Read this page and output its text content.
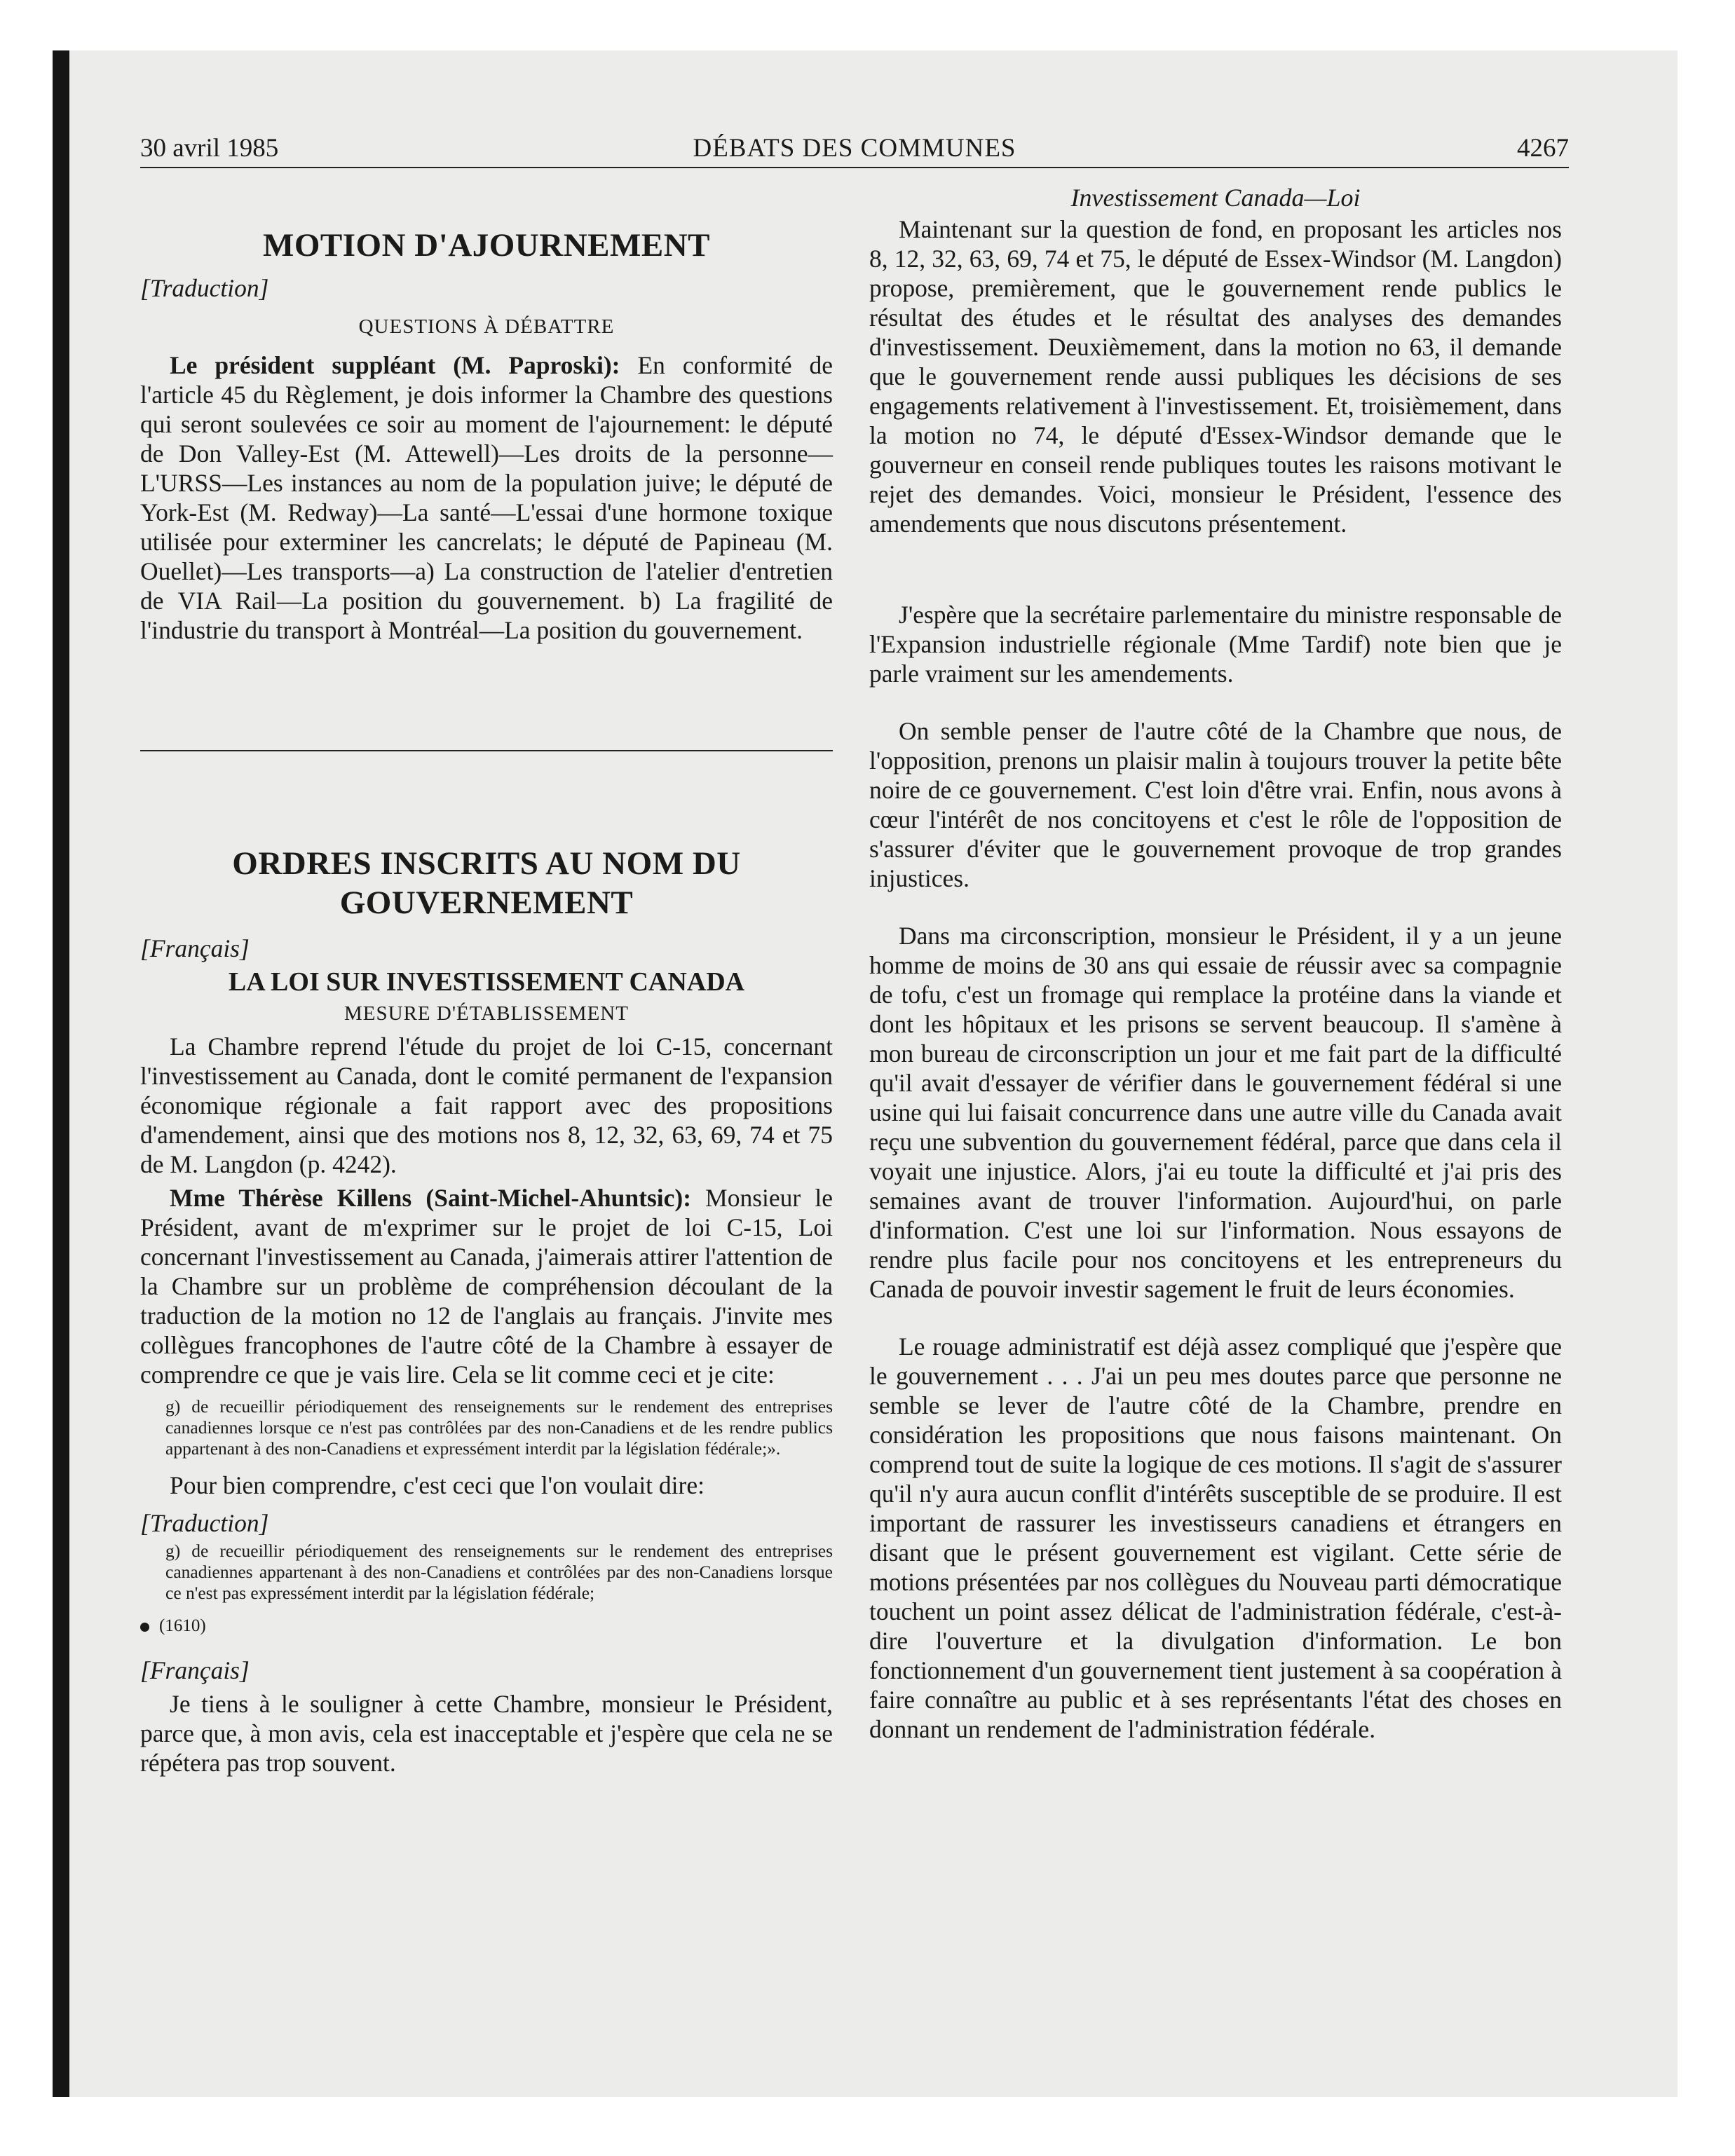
30 avril 1985	DÉBATS DES COMMUNES	4267

MOTION D'AJOURNEMENT

[Traduction]

QUESTIONS À DÉBATTRE

Le président suppléant (M. Paproski): En conformité de l'article 45 du Règlement, je dois informer la Chambre des questions qui seront soulevées ce soir au moment de l'ajournement: le député de Don Valley-Est (M. Attewell)—Les droits de la personne—L'URSS—Les instances au nom de la population juive; le député de York-Est (M. Redway)—La santé—L'essai d'une hormone toxique utilisée pour exterminer les cancrelats; le député de Papineau (M. Ouellet)—Les transports—a) La construction de l'atelier d'entretien de VIA Rail—La position du gouvernement. b) La fragilité de l'industrie du transport à Montréal—La position du gouvernement.

ORDRES INSCRITS AU NOM DU GOUVERNEMENT

[Français]

LA LOI SUR INVESTISSEMENT CANADA

MESURE D'ÉTABLISSEMENT

La Chambre reprend l'étude du projet de loi C-15, concernant l'investissement au Canada, dont le comité permanent de l'expansion économique régionale a fait rapport avec des propositions d'amendement, ainsi que des motions nos 8, 12, 32, 63, 69, 74 et 75 de M. Langdon (p. 4242).

Mme Thérèse Killens (Saint-Michel-Ahuntsic): Monsieur le Président, avant de m'exprimer sur le projet de loi C-15, Loi concernant l'investissement au Canada, j'aimerais attirer l'attention de la Chambre sur un problème de compréhension découlant de la traduction de la motion no 12 de l'anglais au français. J'invite mes collègues francophones de l'autre côté de la Chambre à essayer de comprendre ce que je vais lire. Cela se lit comme ceci et je cite:

g) de recueillir périodiquement des renseignements sur le rendement des entreprises canadiennes lorsque ce n'est pas contrôlées par des non-Canadiens et de les rendre publics appartenant à des non-Canadiens et expressément interdit par la législation fédérale;».

Pour bien comprendre, c'est ceci que l'on voulait dire:

[Traduction]

g) de recueillir périodiquement des renseignements sur le rendement des entreprises canadiennes appartenant à des non-Canadiens et contrôlées par des non-Canadiens lorsque ce n'est pas expressément interdit par la législation fédérale;

(1610)

[Français]

Je tiens à le souligner à cette Chambre, monsieur le Président, parce que, à mon avis, cela est inacceptable et j'espère que cela ne se répétera pas trop souvent.

Investissement Canada—Loi

Maintenant sur la question de fond, en proposant les articles nos 8, 12, 32, 63, 69, 74 et 75, le député de Essex-Windsor (M. Langdon) propose, premièrement, que le gouvernement rende publics le résultat des études et le résultat des analyses des demandes d'investissement. Deuxièmement, dans la motion no 63, il demande que le gouvernement rende aussi publiques les décisions de ses engagements relativement à l'investissement. Et, troisièmement, dans la motion no 74, le député d'Essex-Windsor demande que le gouverneur en conseil rende publiques toutes les raisons motivant le rejet des demandes. Voici, monsieur le Président, l'essence des amendements que nous discutons présentement.

J'espère que la secrétaire parlementaire du ministre responsable de l'Expansion industrielle régionale (Mme Tardif) note bien que je parle vraiment sur les amendements.

On semble penser de l'autre côté de la Chambre que nous, de l'opposition, prenons un plaisir malin à toujours trouver la petite bête noire de ce gouvernement. C'est loin d'être vrai. Enfin, nous avons à cœur l'intérêt de nos concitoyens et c'est le rôle de l'opposition de s'assurer d'éviter que le gouvernement provoque de trop grandes injustices.

Dans ma circonscription, monsieur le Président, il y a un jeune homme de moins de 30 ans qui essaie de réussir avec sa compagnie de tofu, c'est un fromage qui remplace la protéine dans la viande et dont les hôpitaux et les prisons se servent beaucoup. Il s'amène à mon bureau de circonscription un jour et me fait part de la difficulté qu'il avait d'essayer de vérifier dans le gouvernement fédéral si une usine qui lui faisait concurrence dans une autre ville du Canada avait reçu une subvention du gouvernement fédéral, parce que dans cela il voyait une injustice. Alors, j'ai eu toute la difficulté et j'ai pris des semaines avant de trouver l'information. Aujourd'hui, on parle d'information. C'est une loi sur l'information. Nous essayons de rendre plus facile pour nos concitoyens et les entrepreneurs du Canada de pouvoir investir sagement le fruit de leurs économies.

Le rouage administratif est déjà assez compliqué que j'espère que le gouvernement . . . J'ai un peu mes doutes parce que personne ne semble se lever de l'autre côté de la Chambre, prendre en considération les propositions que nous faisons maintenant. On comprend tout de suite la logique de ces motions. Il s'agit de s'assurer qu'il n'y aura aucun conflit d'intérêts susceptible de se produire. Il est important de rassurer les investisseurs canadiens et étrangers en disant que le présent gouvernement est vigilant. Cette série de motions présentées par nos collègues du Nouveau parti démocratique touchent un point assez délicat de l'administration fédérale, c'est-à-dire l'ouverture et la divulgation d'information. Le bon fonctionnement d'un gouvernement tient justement à sa coopération à faire connaître au public et à ses représentants l'état des choses en donnant un rendement de l'administration fédérale.
